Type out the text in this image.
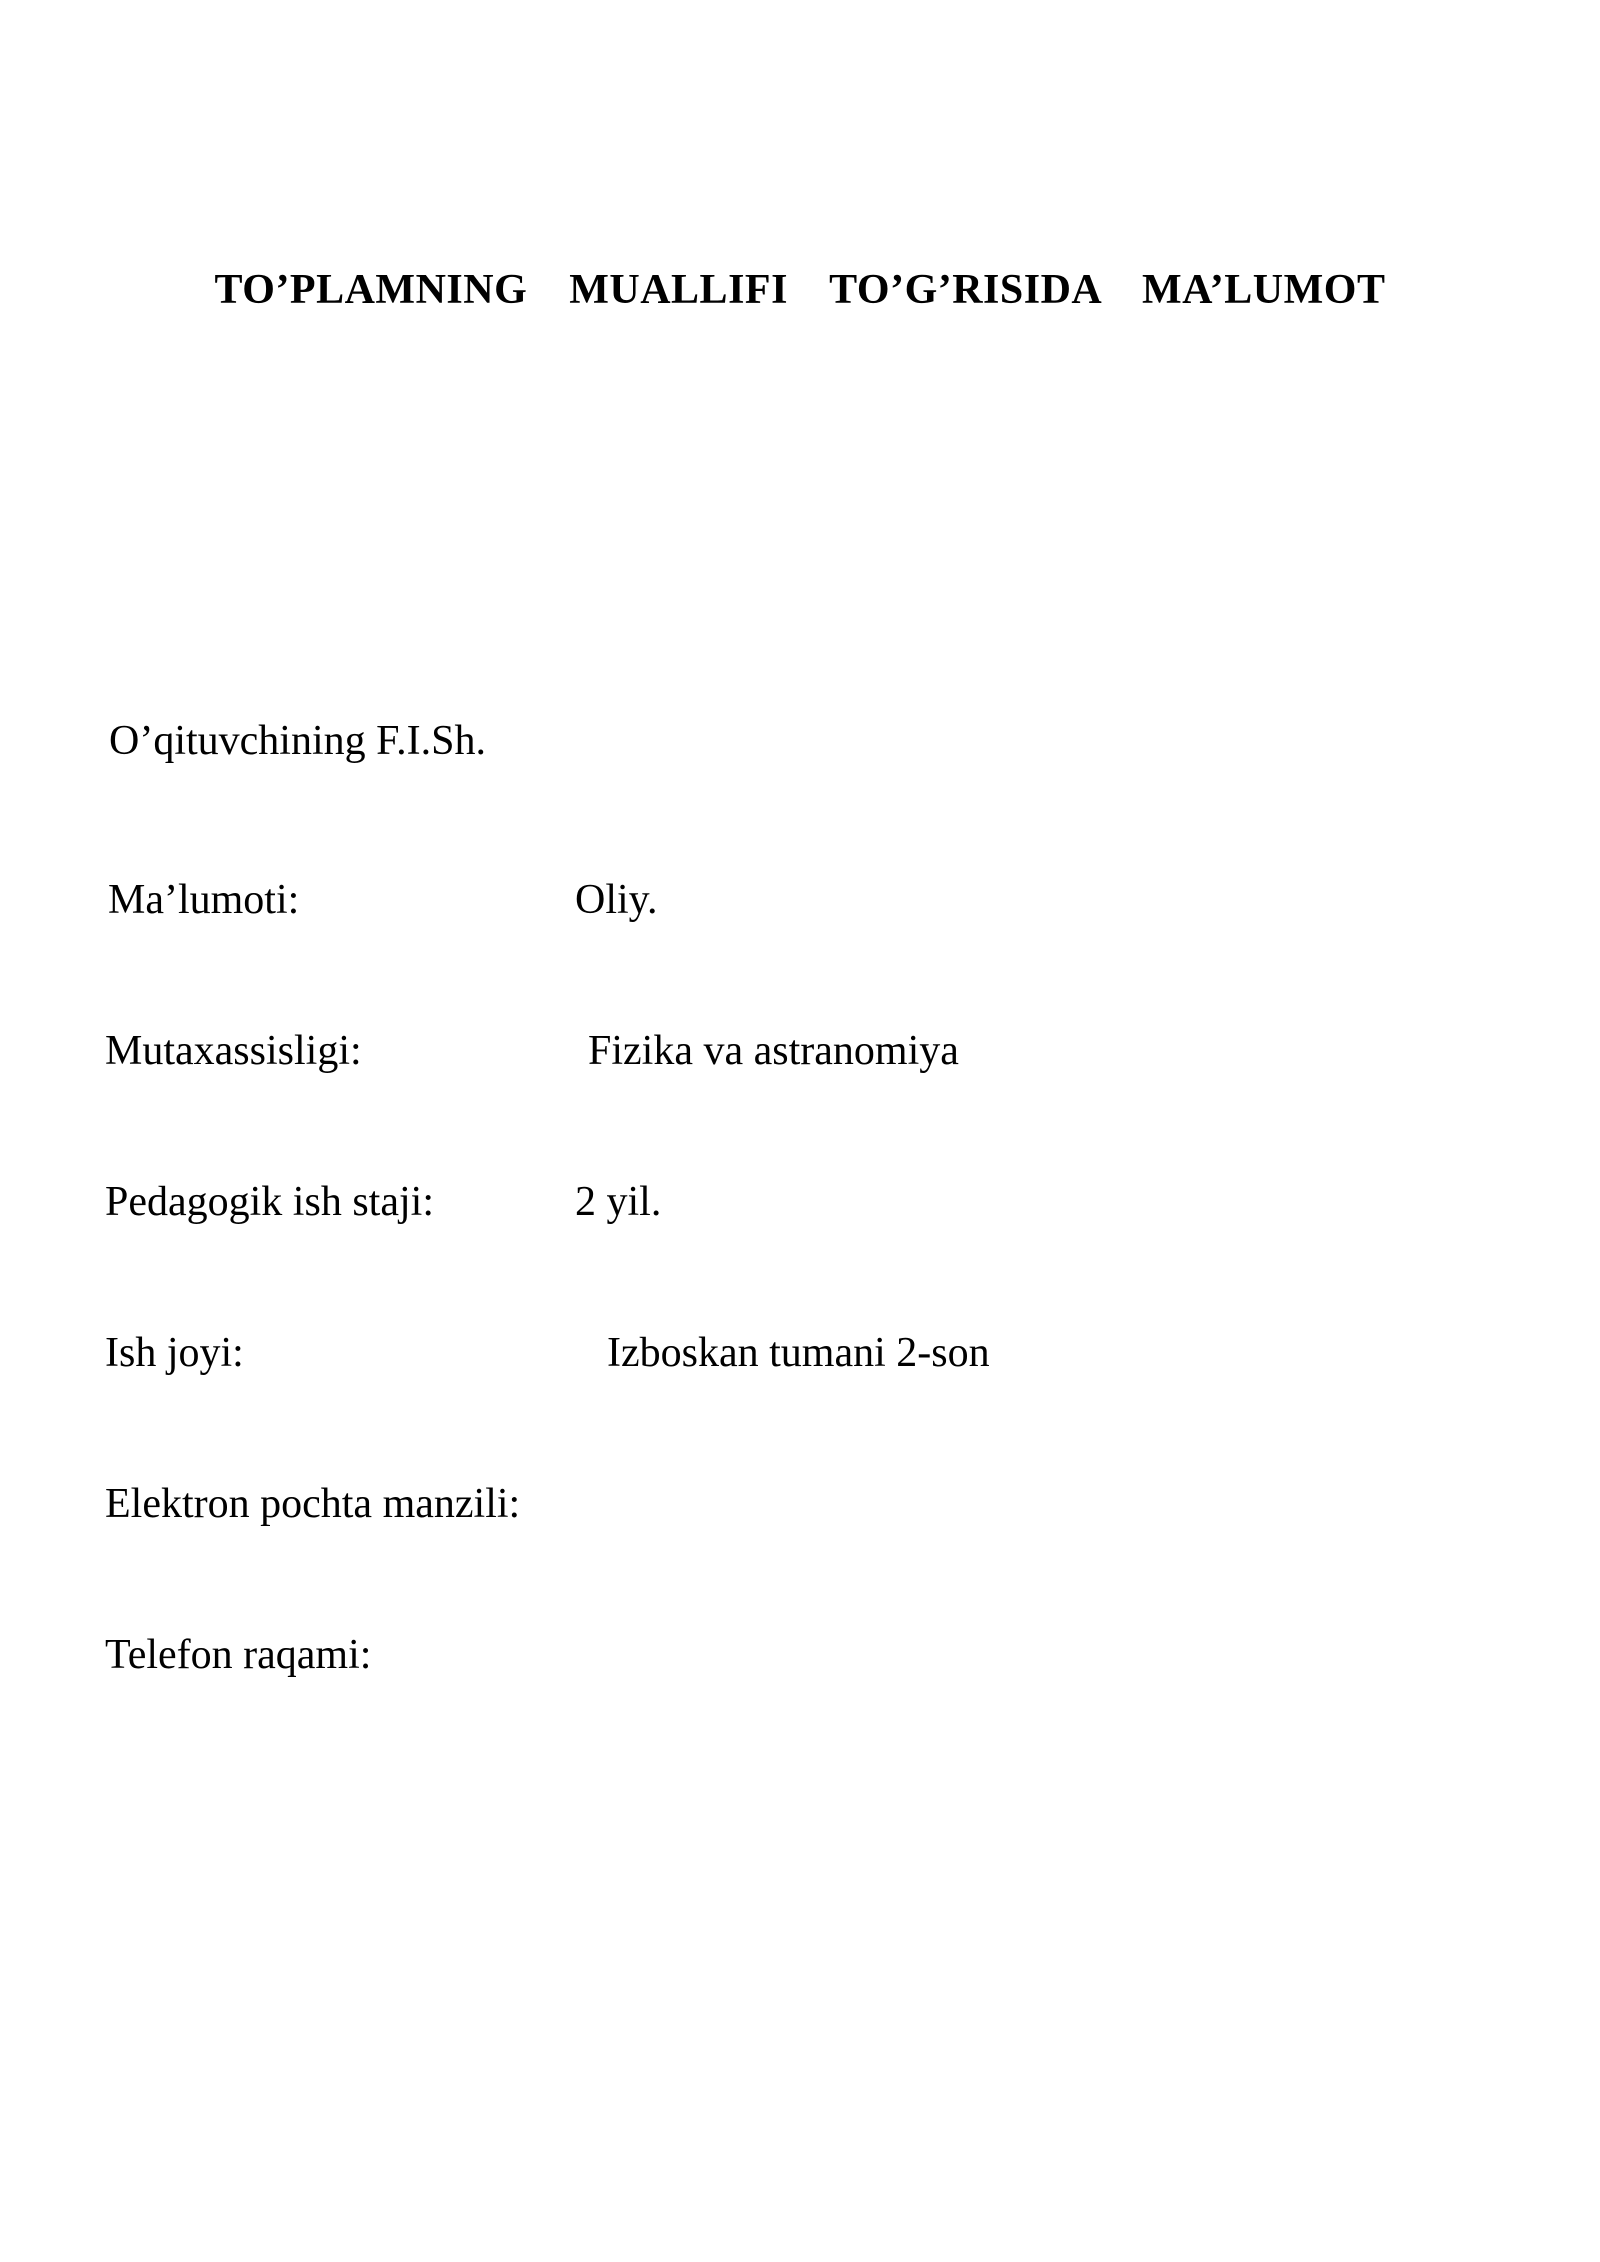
TO’PLAMNING  MUALLIFI  TO’G’RISIDA  MA’LUMOT
O’qituvchining F.I.Sh.
Ma’lumoti:	Oliy.
Mutaxassisligi:	Fizika va astranomiya
Pedagogik ish staji:	2 yil.
Ish joyi:	Izboskan tumani 2-son
Elektron pochta manzili:
Telefon raqami:
